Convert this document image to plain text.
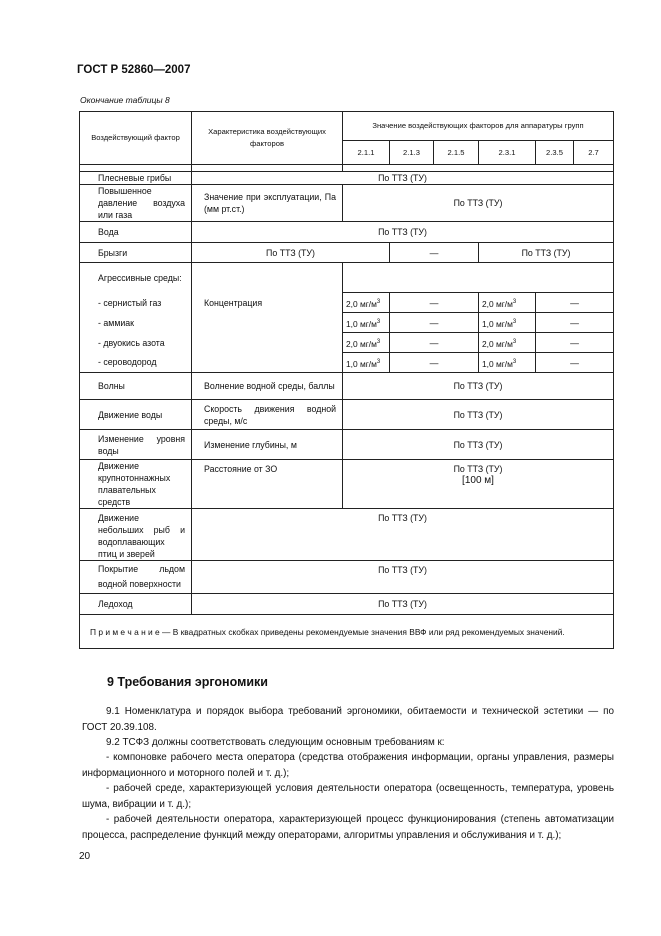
ГОСТ Р 52860—2007
Окончание таблицы 8
Воздействующий фактор	Характеристика воздействующих факторов	Значение воздействующих факторов для аппаратуры групп					
		2.1.1	2.1.3	2.1.5	2.3.1	2.3.5	2.7

Плесневые грибы	По ТТЗ (ТУ)						
Повышенное давление воздуха или газа	Значение при эксплуатации, Па (мм рт.ст.)	По ТТЗ (ТУ)					
Вода	По ТТЗ (ТУ)						
Брызги	По ТТЗ (ТУ)		—		По ТТЗ (ТУ)		
Агрессивные среды:							
- сернистый газ	Концентрация	2,0 $мг/м^3$	—		2,0 $мг/м^3$	—	
- аммиак		1,0 $мг/м^3$	—		1,0 $мг/м^3$	—	
- двуокись азота		2,0 $мг/м^3$	—		2,0 $мг/м^3$	—	
- сероводород		1,0 $мг/м^3$	—		1,0 $мг/м^3$	—	
Волны	Волнение водной среды, баллы	По ТТЗ (ТУ)					
Движение воды	Скорость движения водной среды, м/с	По ТТЗ (ТУ)					
Изменение уровня воды	Изменение глубины, м	По ТТЗ (ТУ)					
Движение крупнотоннажных плавательных средств	Расстояние от ЗО	По ТТЗ (ТУ)
[100 м]					

Движение небольших рыб и водоплавающих птиц и зверей	По ТТЗ (ТУ)						
Покрытие льдом водной поверхности	По ТТЗ (ТУ)						
Ледоход	По ТТЗ (ТУ)						
П р и м е ч а н и е — В квадратных скобках приведены рекомендуемые значения ВВФ или ряд рекомендуемых значений.							
9 Требования эргономики
9.1 Номенклатура и порядок выбора требований эргономики, обитаемости и технической эстетики — по ГОСТ 20.39.108.
9.2 ТСФЗ должны соответствовать следующим основным требованиям к:
- компоновке рабочего места оператора (средства отображения информации, органы управления, размеры информационного и моторного полей и т. д.);
- рабочей среде, характеризующей условия деятельности оператора (освещенность, температура, уровень шума, вибрации и т. д.);
- рабочей деятельности оператора, характеризующей процесс функционирования (степень автоматизации процесса, распределение функций между операторами, алгоритмы управления и обслуживания и т. д.);
20
